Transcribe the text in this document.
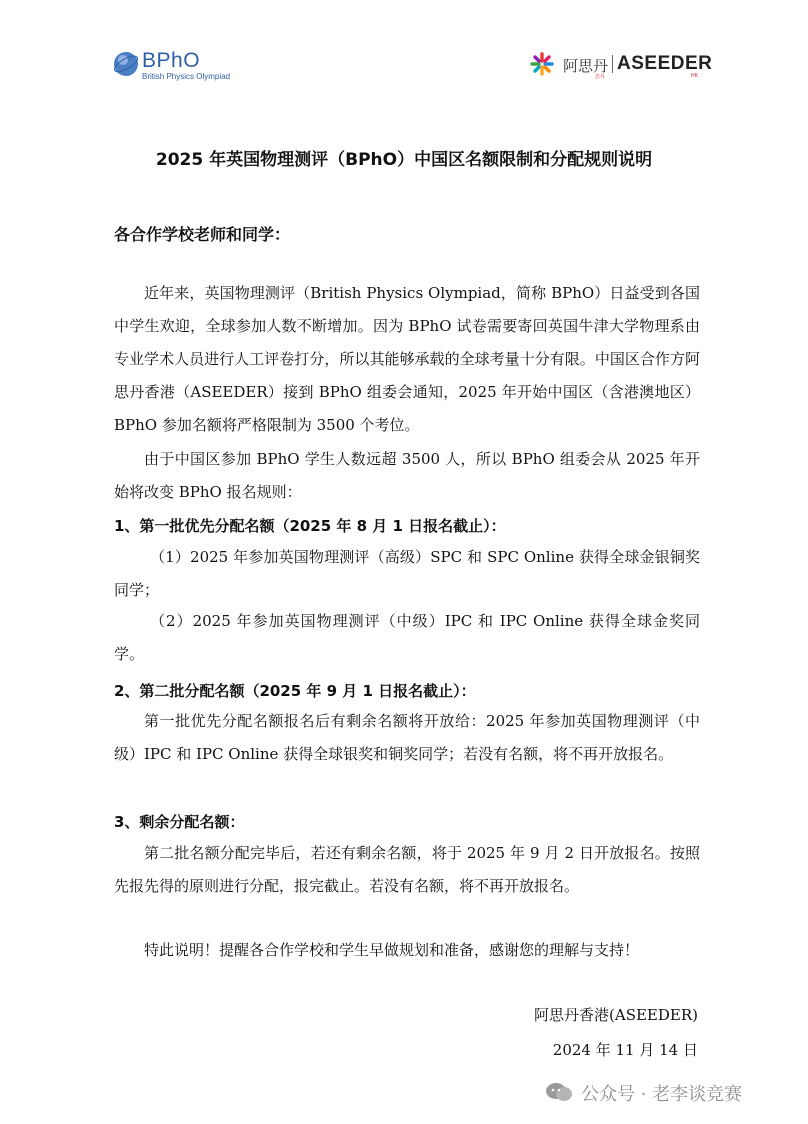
BPhO
British Physics Olympiad
阿思丹
思丹
ASEEDER
HK
2025 年英国物理测评（BPhO）中国区名额限制和分配规则说明
各合作学校老师和同学：
近年来，英国物理测评（British Physics Olympiad，简称 BPhO）日益受到各国中学生欢迎，全球参加人数不断增加。因为 BPhO 试卷需要寄回英国牛津大学物理系由专业学术人员进行人工评卷打分，所以其能够承载的全球考量十分有限。中国区合作方阿思丹香港（ASEEDER）接到 BPhO 组委会通知，2025 年开始中国区（含港澳地区）BPhO 参加名额将严格限制为 3500 个考位。
由于中国区参加 BPhO 学生人数远超 3500 人，所以 BPhO 组委会从 2025 年开始将改变 BPhO 报名规则：
1、第一批优先分配名额（2025 年 8 月 1 日报名截止）：
（1）2025 年参加英国物理测评（高级）SPC 和 SPC Online 获得全球金银铜奖同学；
（2）2025 年参加英国物理测评（中级）IPC 和 IPC Online 获得全球金奖同学。
2、第二批分配名额（2025 年 9 月 1 日报名截止）：
第一批优先分配名额报名后有剩余名额将开放给：2025 年参加英国物理测评（中级）IPC 和 IPC Online 获得全球银奖和铜奖同学；若没有名额，将不再开放报名。
3、剩余分配名额：
第二批名额分配完毕后，若还有剩余名额，将于 2025 年 9 月 2 日开放报名。按照先报先得的原则进行分配，报完截止。若没有名额，将不再开放报名。
特此说明！提醒各合作学校和学生早做规划和准备，感谢您的理解与支持！
阿思丹香港(ASEEDER)
2024 年 11 月 14 日
公众号 · 老李谈竞赛
